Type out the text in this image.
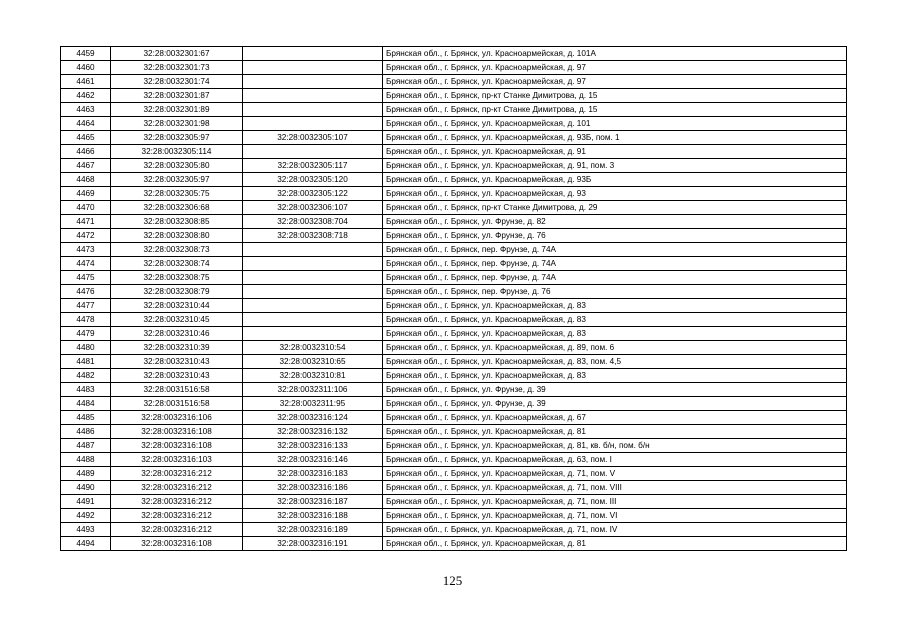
4459	32:28:0032301:67		Брянская обл., г. Брянск, ул. Красноармейская, д. 101А
4460	32:28:0032301:73		Брянская обл., г. Брянск, ул. Красноармейская, д. 97
4461	32:28:0032301:74		Брянская обл., г. Брянск, ул. Красноармейская, д. 97
4462	32:28:0032301:87		Брянская обл., г. Брянск, пр-кт Станке Димитрова, д. 15
4463	32:28:0032301:89		Брянская обл., г. Брянск, пр-кт Станке Димитрова, д. 15
4464	32:28:0032301:98		Брянская обл., г. Брянск, ул. Красноармейская, д. 101
4465	32:28:0032305:97	32:28:0032305:107	Брянская обл., г. Брянск, ул. Красноармейская, д. 93Б, пом. 1
4466	32:28:0032305:114		Брянская обл., г. Брянск, ул. Красноармейская, д. 91
4467	32:28:0032305:80	32:28:0032305:117	Брянская обл., г. Брянск, ул. Красноармейская, д. 91, пом. 3
4468	32:28:0032305:97	32:28:0032305:120	Брянская обл., г. Брянск, ул. Красноармейская, д. 93Б
4469	32:28:0032305:75	32:28:0032305:122	Брянская обл., г. Брянск, ул. Красноармейская, д. 93
4470	32:28:0032306:68	32:28:0032306:107	Брянская обл., г. Брянск, пр-кт Станке Димитрова, д. 29
4471	32:28:0032308:85	32:28:0032308:704	Брянская обл., г. Брянск, ул. Фрунзе, д. 82
4472	32:28:0032308:80	32:28:0032308:718	Брянская обл., г. Брянск, ул. Фрунзе, д. 76
4473	32:28:0032308:73		Брянская обл., г. Брянск, пер. Фрунзе, д. 74А
4474	32:28:0032308:74		Брянская обл., г. Брянск, пер. Фрунзе, д. 74А
4475	32:28:0032308:75		Брянская обл., г. Брянск, пер. Фрунзе, д. 74А
4476	32:28:0032308:79		Брянская обл., г. Брянск, пер. Фрунзе, д. 76
4477	32:28:0032310:44		Брянская обл., г. Брянск, ул. Красноармейская, д. 83
4478	32:28:0032310:45		Брянская обл., г. Брянск, ул. Красноармейская, д. 83
4479	32:28:0032310:46		Брянская обл., г. Брянск, ул. Красноармейская, д. 83
4480	32:28:0032310:39	32:28:0032310:54	Брянская обл., г. Брянск, ул. Красноармейская, д. 89, пом. 6
4481	32:28:0032310:43	32:28:0032310:65	Брянская обл., г. Брянск, ул. Красноармейская, д. 83, пом. 4,5
4482	32:28:0032310:43	32:28:0032310:81	Брянская обл., г. Брянск, ул. Красноармейская, д. 83
4483	32:28:0031516:58	32:28:0032311:106	Брянская обл., г. Брянск, ул. Фрунзе, д. 39
4484	32:28:0031516:58	32:28:0032311:95	Брянская обл., г. Брянск, ул. Фрунзе, д. 39
4485	32:28:0032316:106	32:28:0032316:124	Брянская обл., г. Брянск, ул. Красноармейская, д. 67
4486	32:28:0032316:108	32:28:0032316:132	Брянская обл., г. Брянск, ул. Красноармейская, д. 81
4487	32:28:0032316:108	32:28:0032316:133	Брянская обл., г. Брянск, ул. Красноармейская, д. 81, кв. б/н, пом. б/н
4488	32:28:0032316:103	32:28:0032316:146	Брянская обл., г. Брянск, ул. Красноармейская, д. 63, пом. I
4489	32:28:0032316:212	32:28:0032316:183	Брянская обл., г. Брянск, ул. Красноармейская, д. 71, пом. V
4490	32:28:0032316:212	32:28:0032316:186	Брянская обл., г. Брянск, ул. Красноармейская, д. 71, пом. VIII
4491	32:28:0032316:212	32:28:0032316:187	Брянская обл., г. Брянск, ул. Красноармейская, д. 71, пом. III
4492	32:28:0032316:212	32:28:0032316:188	Брянская обл., г. Брянск, ул. Красноармейская, д. 71, пом. VI
4493	32:28:0032316:212	32:28:0032316:189	Брянская обл., г. Брянск, ул. Красноармейская, д. 71, пом. IV
4494	32:28:0032316:108	32:28:0032316:191	Брянская обл., г. Брянск, ул. Красноармейская, д. 81
125
